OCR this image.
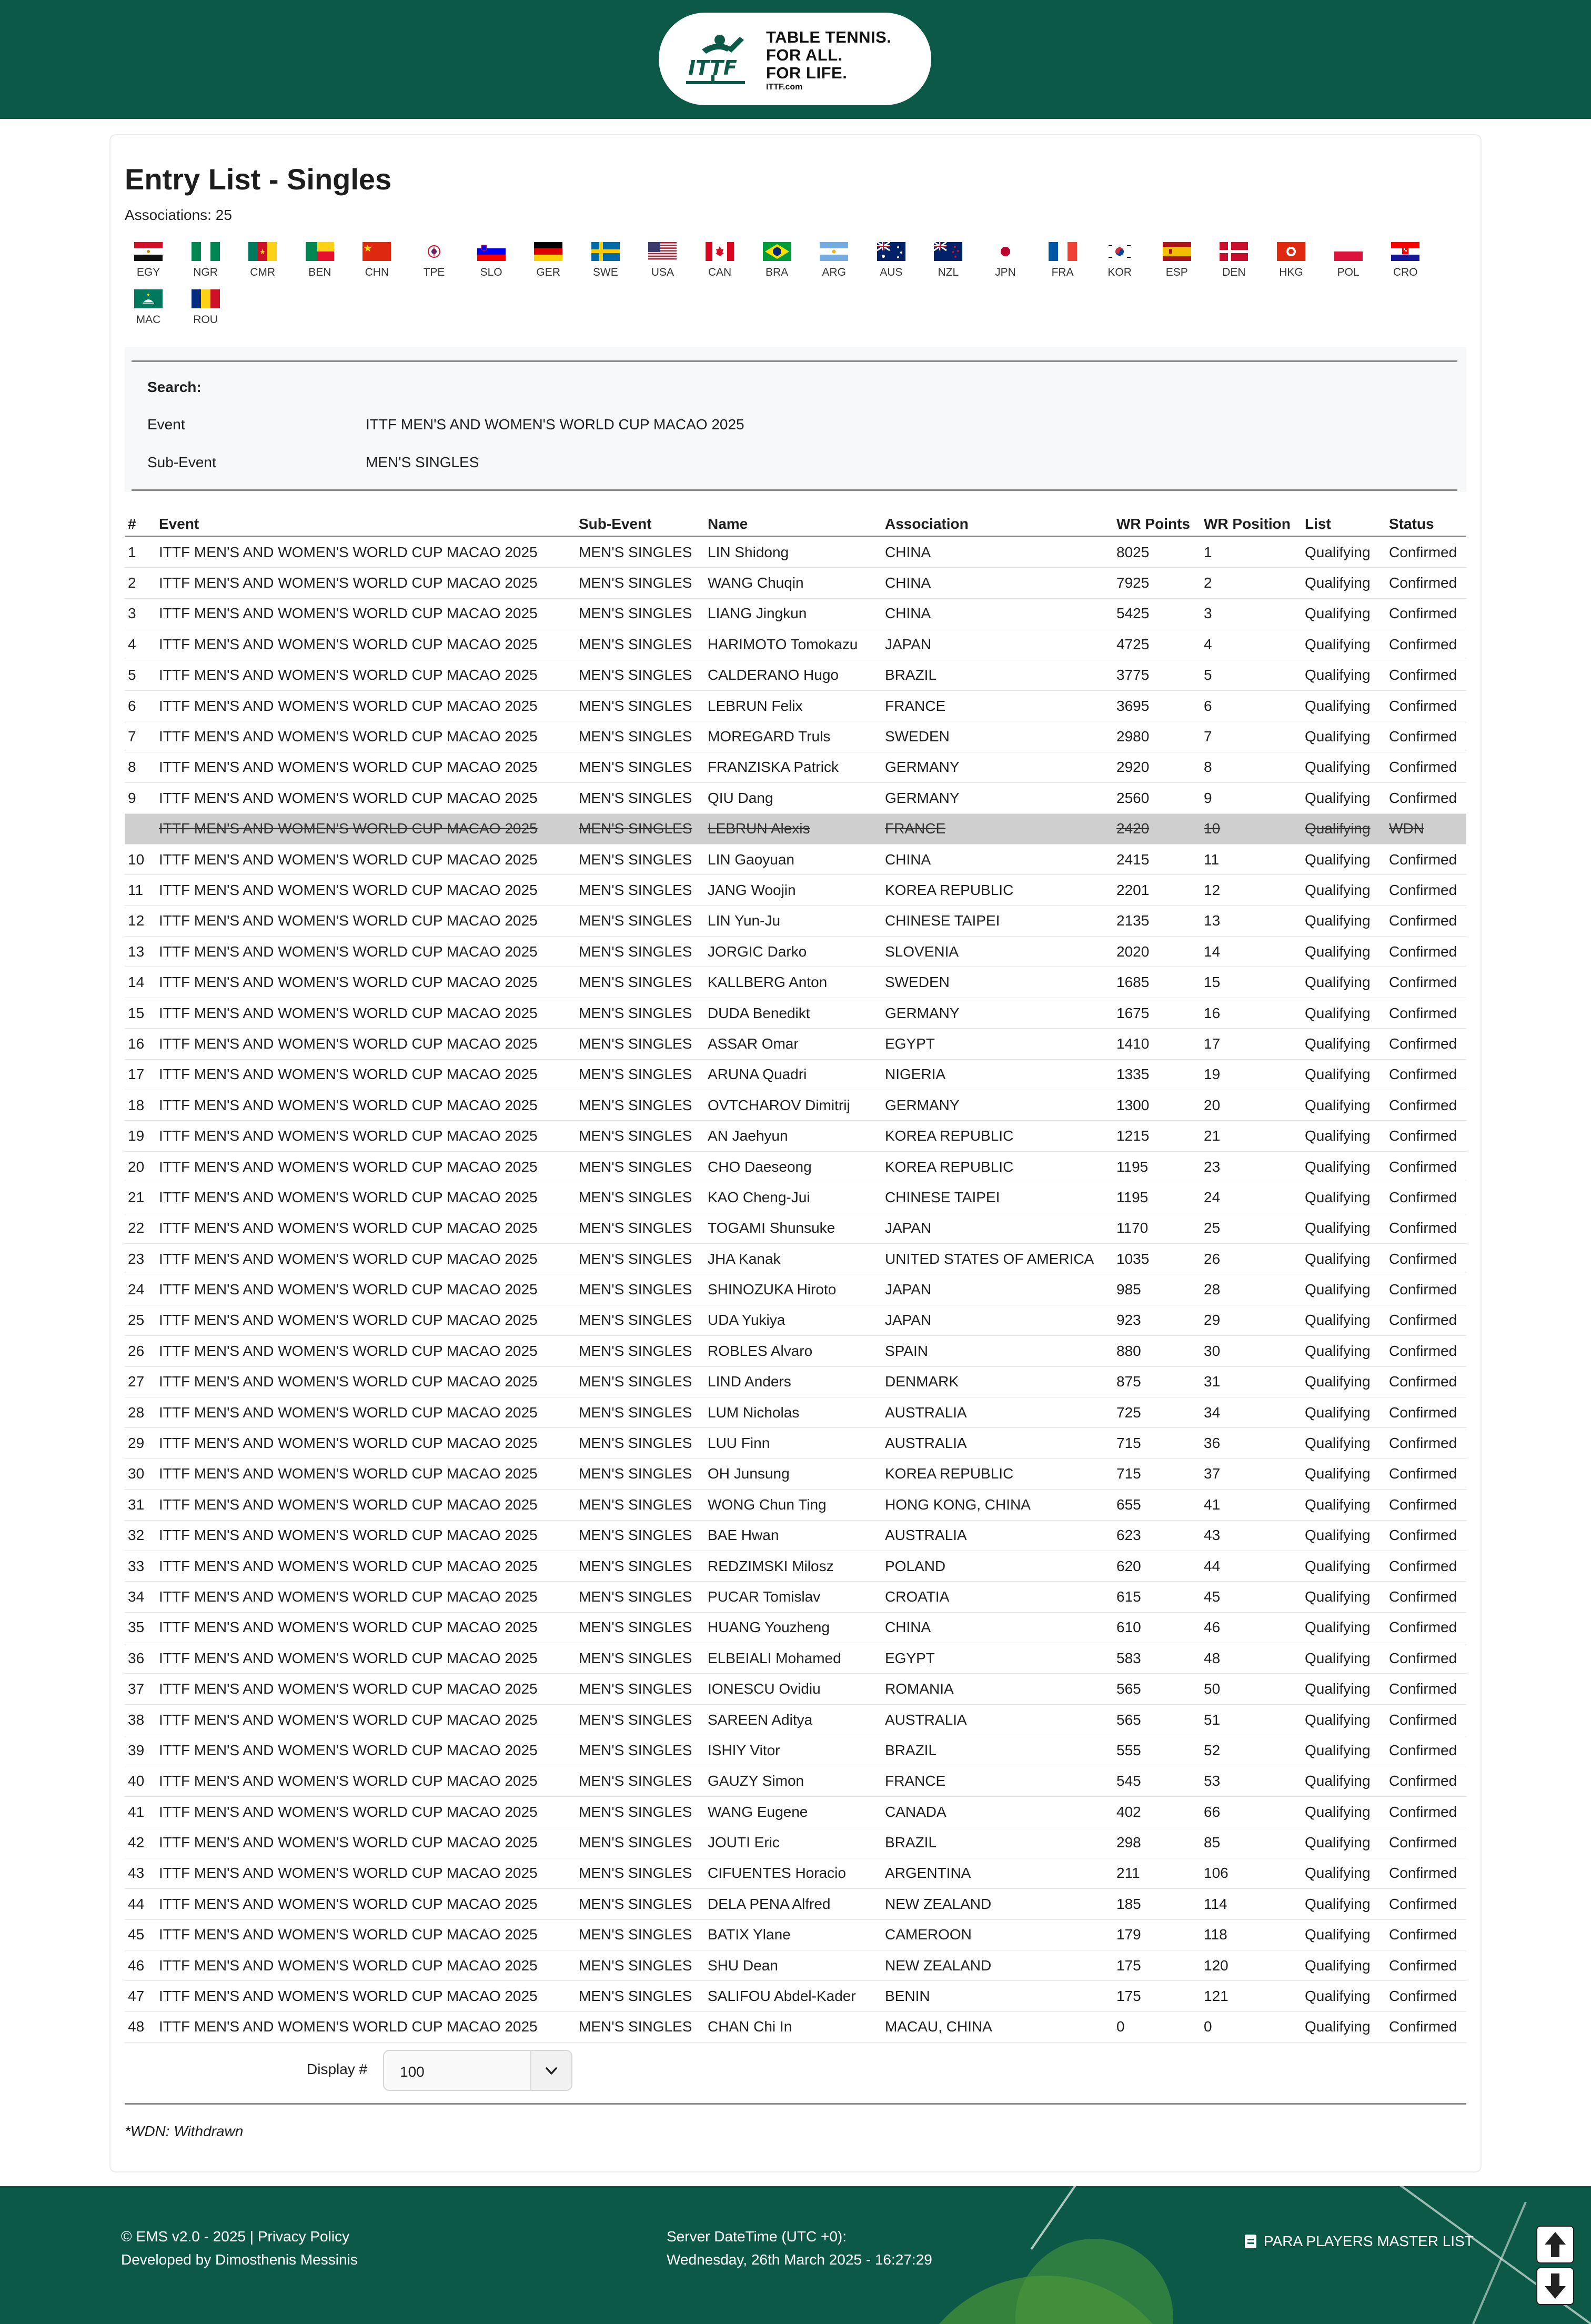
ITTF
TABLE TENNIS.
FOR ALL.
FOR LIFE.
ITTF.com
Entry List - Singles
Associations: 25
EGY	NGR	CMR	BEN	CHN	TPE	SLO	GER	SWE	USA	CAN	BRA	ARG	AUS	NZL	JPN	FRA	KOR	ESP	DEN	HKG	POL	CRO
MAC	ROU
Search:
Event	ITTF MEN'S AND WOMEN'S WORLD CUP MACAO 2025
Sub-Event	MEN'S SINGLES
#	Event	Sub-Event	Name	Association	WR Points	WR Position	List	Status
1	ITTF MEN'S AND WOMEN'S WORLD CUP MACAO 2025	MEN'S SINGLES	LIN Shidong	CHINA	8025	1	Qualifying	Confirmed
2	ITTF MEN'S AND WOMEN'S WORLD CUP MACAO 2025	MEN'S SINGLES	WANG Chuqin	CHINA	7925	2	Qualifying	Confirmed
3	ITTF MEN'S AND WOMEN'S WORLD CUP MACAO 2025	MEN'S SINGLES	LIANG Jingkun	CHINA	5425	3	Qualifying	Confirmed
4	ITTF MEN'S AND WOMEN'S WORLD CUP MACAO 2025	MEN'S SINGLES	HARIMOTO Tomokazu	JAPAN	4725	4	Qualifying	Confirmed
5	ITTF MEN'S AND WOMEN'S WORLD CUP MACAO 2025	MEN'S SINGLES	CALDERANO Hugo	BRAZIL	3775	5	Qualifying	Confirmed
6	ITTF MEN'S AND WOMEN'S WORLD CUP MACAO 2025	MEN'S SINGLES	LEBRUN Felix	FRANCE	3695	6	Qualifying	Confirmed
7	ITTF MEN'S AND WOMEN'S WORLD CUP MACAO 2025	MEN'S SINGLES	MOREGARD Truls	SWEDEN	2980	7	Qualifying	Confirmed
8	ITTF MEN'S AND WOMEN'S WORLD CUP MACAO 2025	MEN'S SINGLES	FRANZISKA Patrick	GERMANY	2920	8	Qualifying	Confirmed
9	ITTF MEN'S AND WOMEN'S WORLD CUP MACAO 2025	MEN'S SINGLES	QIU Dang	GERMANY	2560	9	Qualifying	Confirmed
	ITTF MEN'S AND WOMEN'S WORLD CUP MACAO 2025	MEN'S SINGLES	LEBRUN Alexis	FRANCE	2420	10	Qualifying	WDN
10	ITTF MEN'S AND WOMEN'S WORLD CUP MACAO 2025	MEN'S SINGLES	LIN Gaoyuan	CHINA	2415	11	Qualifying	Confirmed
11	ITTF MEN'S AND WOMEN'S WORLD CUP MACAO 2025	MEN'S SINGLES	JANG Woojin	KOREA REPUBLIC	2201	12	Qualifying	Confirmed
12	ITTF MEN'S AND WOMEN'S WORLD CUP MACAO 2025	MEN'S SINGLES	LIN Yun-Ju	CHINESE TAIPEI	2135	13	Qualifying	Confirmed
13	ITTF MEN'S AND WOMEN'S WORLD CUP MACAO 2025	MEN'S SINGLES	JORGIC Darko	SLOVENIA	2020	14	Qualifying	Confirmed
14	ITTF MEN'S AND WOMEN'S WORLD CUP MACAO 2025	MEN'S SINGLES	KALLBERG Anton	SWEDEN	1685	15	Qualifying	Confirmed
15	ITTF MEN'S AND WOMEN'S WORLD CUP MACAO 2025	MEN'S SINGLES	DUDA Benedikt	GERMANY	1675	16	Qualifying	Confirmed
16	ITTF MEN'S AND WOMEN'S WORLD CUP MACAO 2025	MEN'S SINGLES	ASSAR Omar	EGYPT	1410	17	Qualifying	Confirmed
17	ITTF MEN'S AND WOMEN'S WORLD CUP MACAO 2025	MEN'S SINGLES	ARUNA Quadri	NIGERIA	1335	19	Qualifying	Confirmed
18	ITTF MEN'S AND WOMEN'S WORLD CUP MACAO 2025	MEN'S SINGLES	OVTCHAROV Dimitrij	GERMANY	1300	20	Qualifying	Confirmed
19	ITTF MEN'S AND WOMEN'S WORLD CUP MACAO 2025	MEN'S SINGLES	AN Jaehyun	KOREA REPUBLIC	1215	21	Qualifying	Confirmed
20	ITTF MEN'S AND WOMEN'S WORLD CUP MACAO 2025	MEN'S SINGLES	CHO Daeseong	KOREA REPUBLIC	1195	23	Qualifying	Confirmed
21	ITTF MEN'S AND WOMEN'S WORLD CUP MACAO 2025	MEN'S SINGLES	KAO Cheng-Jui	CHINESE TAIPEI	1195	24	Qualifying	Confirmed
22	ITTF MEN'S AND WOMEN'S WORLD CUP MACAO 2025	MEN'S SINGLES	TOGAMI Shunsuke	JAPAN	1170	25	Qualifying	Confirmed
23	ITTF MEN'S AND WOMEN'S WORLD CUP MACAO 2025	MEN'S SINGLES	JHA Kanak	UNITED STATES OF AMERICA	1035	26	Qualifying	Confirmed
24	ITTF MEN'S AND WOMEN'S WORLD CUP MACAO 2025	MEN'S SINGLES	SHINOZUKA Hiroto	JAPAN	985	28	Qualifying	Confirmed
25	ITTF MEN'S AND WOMEN'S WORLD CUP MACAO 2025	MEN'S SINGLES	UDA Yukiya	JAPAN	923	29	Qualifying	Confirmed
26	ITTF MEN'S AND WOMEN'S WORLD CUP MACAO 2025	MEN'S SINGLES	ROBLES Alvaro	SPAIN	880	30	Qualifying	Confirmed
27	ITTF MEN'S AND WOMEN'S WORLD CUP MACAO 2025	MEN'S SINGLES	LIND Anders	DENMARK	875	31	Qualifying	Confirmed
28	ITTF MEN'S AND WOMEN'S WORLD CUP MACAO 2025	MEN'S SINGLES	LUM Nicholas	AUSTRALIA	725	34	Qualifying	Confirmed
29	ITTF MEN'S AND WOMEN'S WORLD CUP MACAO 2025	MEN'S SINGLES	LUU Finn	AUSTRALIA	715	36	Qualifying	Confirmed
30	ITTF MEN'S AND WOMEN'S WORLD CUP MACAO 2025	MEN'S SINGLES	OH Junsung	KOREA REPUBLIC	715	37	Qualifying	Confirmed
31	ITTF MEN'S AND WOMEN'S WORLD CUP MACAO 2025	MEN'S SINGLES	WONG Chun Ting	HONG KONG, CHINA	655	41	Qualifying	Confirmed
32	ITTF MEN'S AND WOMEN'S WORLD CUP MACAO 2025	MEN'S SINGLES	BAE Hwan	AUSTRALIA	623	43	Qualifying	Confirmed
33	ITTF MEN'S AND WOMEN'S WORLD CUP MACAO 2025	MEN'S SINGLES	REDZIMSKI Milosz	POLAND	620	44	Qualifying	Confirmed
34	ITTF MEN'S AND WOMEN'S WORLD CUP MACAO 2025	MEN'S SINGLES	PUCAR Tomislav	CROATIA	615	45	Qualifying	Confirmed
35	ITTF MEN'S AND WOMEN'S WORLD CUP MACAO 2025	MEN'S SINGLES	HUANG Youzheng	CHINA	610	46	Qualifying	Confirmed
36	ITTF MEN'S AND WOMEN'S WORLD CUP MACAO 2025	MEN'S SINGLES	ELBEIALI Mohamed	EGYPT	583	48	Qualifying	Confirmed
37	ITTF MEN'S AND WOMEN'S WORLD CUP MACAO 2025	MEN'S SINGLES	IONESCU Ovidiu	ROMANIA	565	50	Qualifying	Confirmed
38	ITTF MEN'S AND WOMEN'S WORLD CUP MACAO 2025	MEN'S SINGLES	SAREEN Aditya	AUSTRALIA	565	51	Qualifying	Confirmed
39	ITTF MEN'S AND WOMEN'S WORLD CUP MACAO 2025	MEN'S SINGLES	ISHIY Vitor	BRAZIL	555	52	Qualifying	Confirmed
40	ITTF MEN'S AND WOMEN'S WORLD CUP MACAO 2025	MEN'S SINGLES	GAUZY Simon	FRANCE	545	53	Qualifying	Confirmed
41	ITTF MEN'S AND WOMEN'S WORLD CUP MACAO 2025	MEN'S SINGLES	WANG Eugene	CANADA	402	66	Qualifying	Confirmed
42	ITTF MEN'S AND WOMEN'S WORLD CUP MACAO 2025	MEN'S SINGLES	JOUTI Eric	BRAZIL	298	85	Qualifying	Confirmed
43	ITTF MEN'S AND WOMEN'S WORLD CUP MACAO 2025	MEN'S SINGLES	CIFUENTES Horacio	ARGENTINA	211	106	Qualifying	Confirmed
44	ITTF MEN'S AND WOMEN'S WORLD CUP MACAO 2025	MEN'S SINGLES	DELA PENA Alfred	NEW ZEALAND	185	114	Qualifying	Confirmed
45	ITTF MEN'S AND WOMEN'S WORLD CUP MACAO 2025	MEN'S SINGLES	BATIX Ylane	CAMEROON	179	118	Qualifying	Confirmed
46	ITTF MEN'S AND WOMEN'S WORLD CUP MACAO 2025	MEN'S SINGLES	SHU Dean	NEW ZEALAND	175	120	Qualifying	Confirmed
47	ITTF MEN'S AND WOMEN'S WORLD CUP MACAO 2025	MEN'S SINGLES	SALIFOU Abdel-Kader	BENIN	175	121	Qualifying	Confirmed
48	ITTF MEN'S AND WOMEN'S WORLD CUP MACAO 2025	MEN'S SINGLES	CHAN Chi In	MACAU, CHINA	0	0	Qualifying	Confirmed
Display # 100
*WDN: Withdrawn
© EMS v2.0 - 2025 | Privacy Policy
Developed by Dimosthenis Messinis
Server DateTime (UTC +0):
Wednesday, 26th March 2025 - 16:27:29
PARA PLAYERS MASTER LIST
